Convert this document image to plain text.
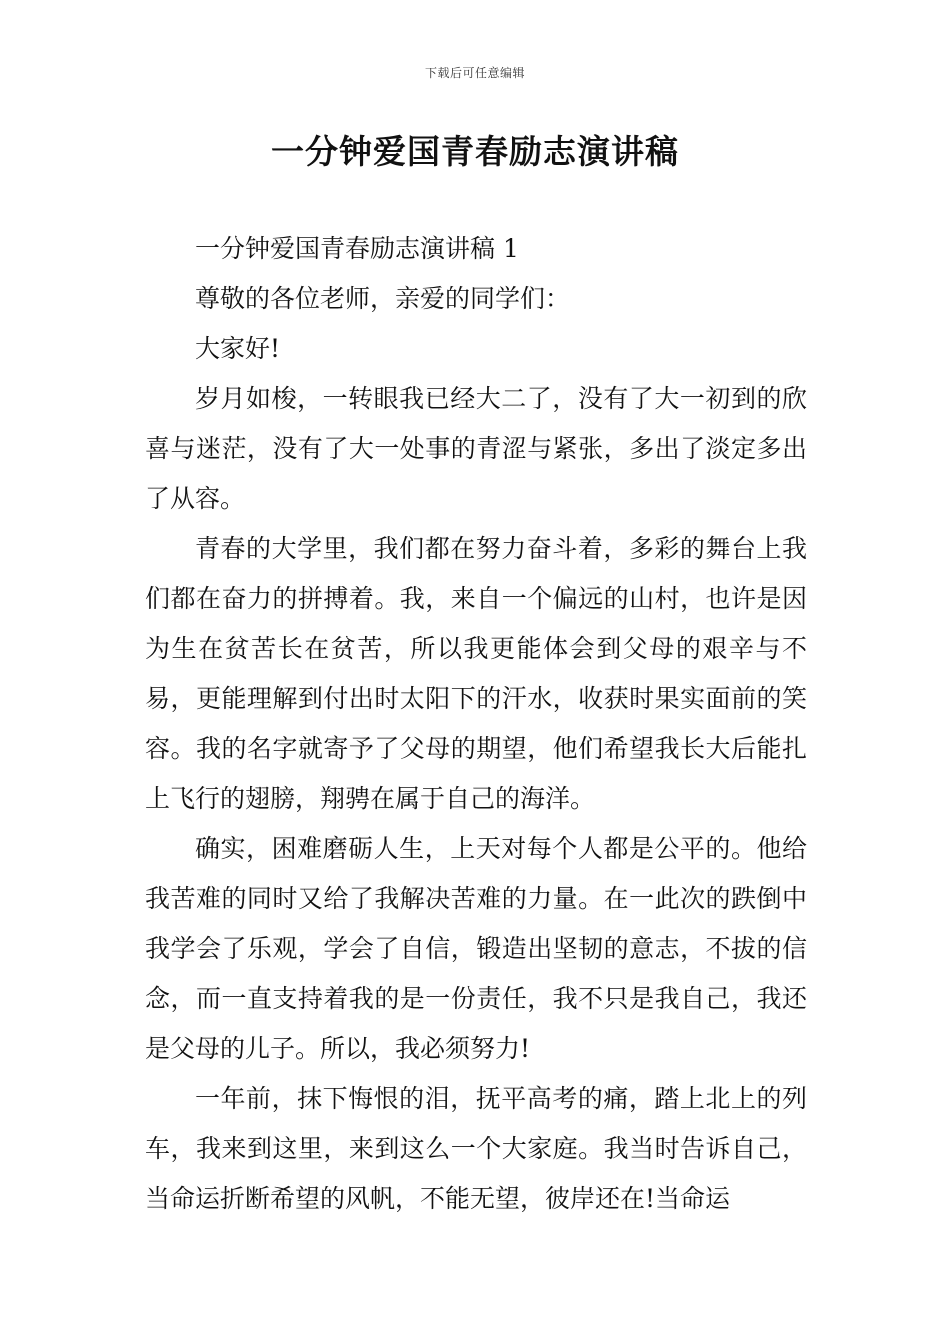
下载后可任意编辑
一分钟爱国青春励志演讲稿

一分钟爱国青春励志演讲稿 1

尊敬的各位老师，亲爱的同学们：

大家好!

岁月如梭，一转眼我已经大二了，没有了大一初到的欣喜与迷茫，没有了大一处事的青涩与紧张，多出了淡定多出了从容。

青春的大学里，我们都在努力奋斗着，多彩的舞台上我们都在奋力的拼搏着。我，来自一个偏远的山村，也许是因为生在贫苦长在贫苦，所以我更能体会到父母的艰辛与不易，更能理解到付出时太阳下的汗水，收获时果实面前的笑容。我的名字就寄予了父母的期望，他们希望我长大后能扎上飞行的翅膀，翔骋在属于自己的海洋。

确实，困难磨砺人生，上天对每个人都是公平的。他给我苦难的同时又给了我解决苦难的力量。在一此次的跌倒中我学会了乐观，学会了自信，锻造出坚韧的意志，不拔的信念，而一直支持着我的是一份责任，我不只是我自己，我还是父母的儿子。所以，我必须努力!

一年前，抹下悔恨的泪，抚平高考的痛，踏上北上的列车，我来到这里，来到这么一个大家庭。我当时告诉自己，当命运折断希望的风帆，不能无望，彼岸还在!当命运
